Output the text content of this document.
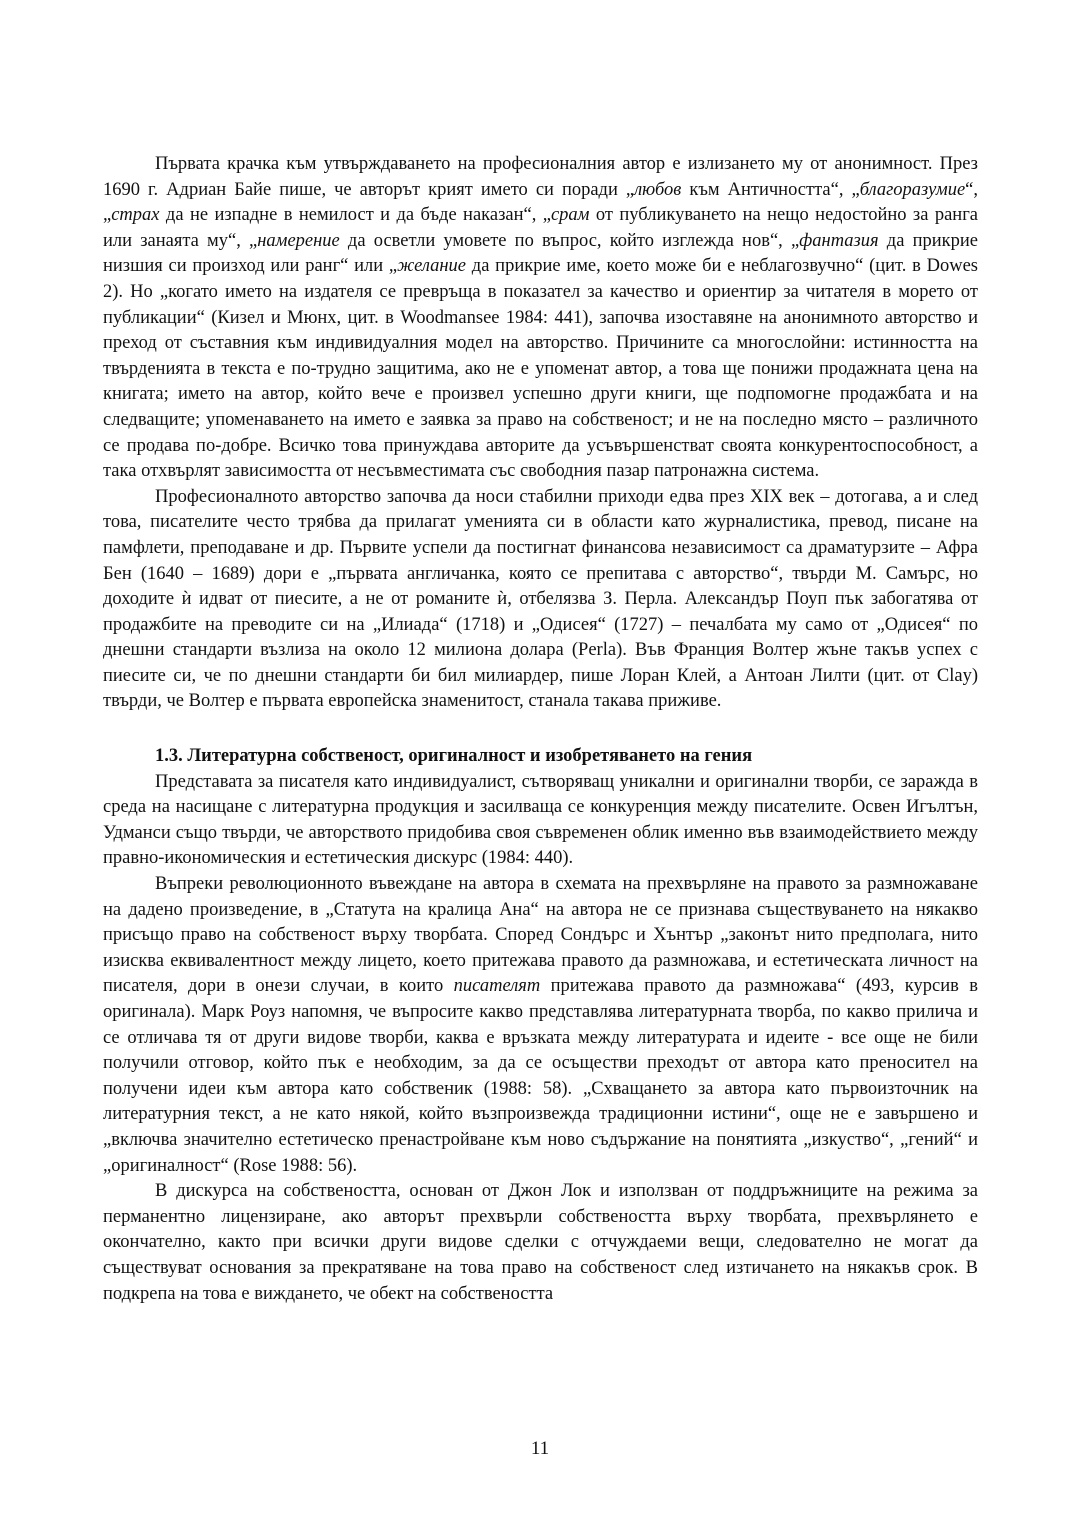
Първата крачка към утвърждаването на професионалния автор е излизането му от анонимност. През 1690 г. Адриан Байе пише, че авторът крият името си поради „любов към Античността“, „благоразумие“, „страх да не изпадне в немилост и да бъде наказан“, „срам от публикуването на нещо недостойно за ранга или занаята му“, „намерение да осветли умовете по въпрос, който изглежда нов“, „фантазия да прикрие низшия си произход или ранг“ или „желание да прикрие име, което може би е неблагозвучно“ (цит. в Dowes 2). Но „когато името на издателя се превръща в показател за качество и ориентир за читателя в морето от публикации“ (Кизел и Мюнх, цит. в Woodmansee 1984: 441), започва изоставяне на анонимното авторство и преход от съставния към индивидуалния модел на авторство. Причините са многослойни: истинността на твърденията в текста е по-трудно защитима, ако не е упоменат автор, а това ще понижи продажната цена на книгата; името на автор, който вече е произвел успешно други книги, ще подпомогне продажбата и на следващите; упоменаването на името е заявка за право на собственост; и не на последно място – различното се продава по-добре. Всичко това принуждава авторите да усъвършенстват своята конкурентоспособност, а така отхвърлят зависимостта от несъвместимата със свободния пазар патронажна система.

Професионалното авторство започва да носи стабилни приходи едва през XIX век – дотогава, а и след това, писателите често трябва да прилагат уменията си в области като журналистика, превод, писане на памфлети, преподаване и др. Първите успели да постигнат финансова независимост са драматурзите – Афра Бен (1640 – 1689) дори е „първата англичанка, която се препитава с авторство“, твърди М. Самърс, но доходите ѝ идват от пиесите, а не от романите ѝ, отбелязва З. Перла. Александър Поуп пък забогатява от продажбите на преводите си на „Илиада“ (1718) и „Одисея“ (1727) – печалбата му само от „Одисея“ по днешни стандарти възлиза на около 12 милиона долара (Perla). Във Франция Волтер жъне такъв успех с пиесите си, че по днешни стандарти би бил милиардер, пише Лоран Клей, а Антоан Лилти (цит. от Clay) твърди, че Волтер е първата европейска знаменитост, станала такава приживе.

1.3. Литературна собственост, оригиналност и изобретяването на гения

Представата за писателя като индивидуалист, сътворяващ уникални и оригинални творби, се заражда в среда на насищане с литературна продукция и засилваща се конкуренция между писателите. Освен Игълтън, Удманси също твърди, че авторството придобива своя съвременен облик именно във взаимодействието между правно-икономическия и естетическия дискурс (1984: 440).

Въпреки революционното въвеждане на автора в схемата на прехвърляне на правото за размножаване на дадено произведение, в „Статута на кралица Ана“ на автора не се признава съществуването на някакво присъщо право на собственост върху творбата. Според Сондърс и Хънтър „законът нито предполага, нито изисква еквивалентност между лицето, което притежава правото да размножава, и естетическата личност на писателя, дори в онези случаи, в които писателят притежава правото да размножава“ (493, курсив в оригинала). Марк Роуз напомня, че въпросите какво представлява литературната творба, по какво прилича и се отличава тя от други видове творби, каква е връзката между литературата и идеите - все още не били получили отговор, който пък е необходим, за да се осъществи преходът от автора като преносител на получени идеи към автора като собственик (1988: 58). „Схващането за автора като първоизточник на литературния текст, а не като някой, който възпроизвежда традиционни истини“, още не е завършено и „включва значително естетическо пренастройване към ново съдържание на понятията „изкуство“, „гений“ и „оригиналност“ (Rose 1988: 56).

В дискурса на собствеността, основан от Джон Лок и използван от поддръжниците на режима за перманентно лицензиране, ако авторът прехвърли собствеността върху творбата, прехвърлянето е окончателно, както при всички други видове сделки с отчуждаеми вещи, следователно не могат да съществуват основания за прекратяване на това право на собственост след изтичането на някакъв срок. В подкрепа на това е виждането, че обект на собствеността

11
